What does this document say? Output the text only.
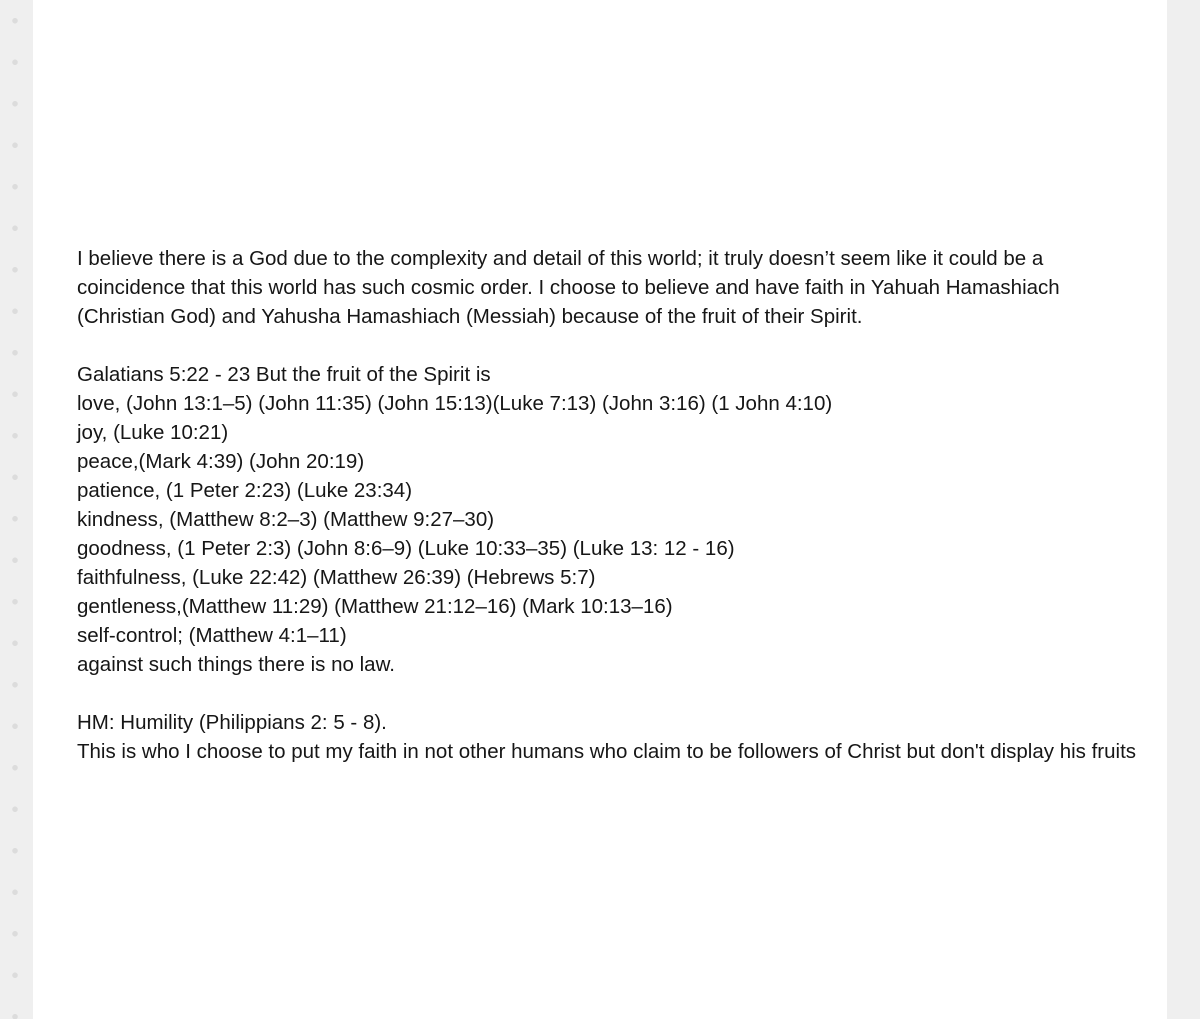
I believe there is a God due to the complexity and detail of this world; it truly doesn’t seem like it could be a coincidence that this world has such cosmic order. I choose to believe and have faith in Yahuah Hamashiach (Christian God) and Yahusha Hamashiach (Messiah) because of the fruit of their Spirit.

Galatians 5:22 - 23 But the fruit of the Spirit is
love, (John 13:1–5) (John 11:35) (John 15:13)(Luke 7:13) (John 3:16) (1 John 4:10)
joy, (Luke 10:21)
peace,(Mark 4:39) (John 20:19)
patience, (1 Peter 2:23) (Luke 23:34)
kindness, (Matthew 8:2–3) (Matthew 9:27–30)
goodness, (1 Peter 2:3) (John 8:6–9) (Luke 10:33–35) (Luke 13: 12 - 16)
faithfulness, (Luke 22:42) (Matthew 26:39) (Hebrews 5:7)
gentleness,(Matthew 11:29) (Matthew 21:12–16) (Mark 10:13–16)
self-control; (Matthew 4:1–11)
against such things there is no law.
HM: Humility (Philippians 2: 5 - 8).
This is who I choose to put my faith in not other humans who claim to be followers of Christ but don't display his fruits
